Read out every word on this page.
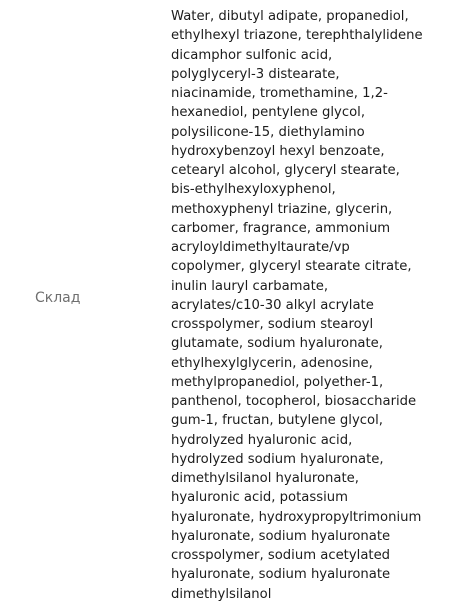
Склад
Water, dibutyl adipate, propanediol,
ethylhexyl triazone, terephthalylidene
dicamphor sulfonic acid,
polyglyceryl-3 distearate,
niacinamide, tromethamine, 1,2-
hexanediol, pentylene glycol,
polysilicone-15, diethylamino
hydroxybenzoyl hexyl benzoate,
cetearyl alcohol, glyceryl stearate,
bis-ethylhexyloxyphenol,
methoxyphenyl triazine, glycerin,
carbomer, fragrance, ammonium
acryloyldimethyltaurate/vp
copolymer, glyceryl stearate citrate,
inulin lauryl carbamate,
acrylates/c10-30 alkyl acrylate
crosspolymer, sodium stearoyl
glutamate, sodium hyaluronate,
ethylhexylglycerin, adenosine,
methylpropanediol, polyether-1,
panthenol, tocopherol, biosaccharide
gum-1, fructan, butylene glycol,
hydrolyzed hyaluronic acid,
hydrolyzed sodium hyaluronate,
dimethylsilanol hyaluronate,
hyaluronic acid, potassium
hyaluronate, hydroxypropyltrimonium
hyaluronate, sodium hyaluronate
crosspolymer, sodium acetylated
hyaluronate, sodium hyaluronate
dimethylsilanol
